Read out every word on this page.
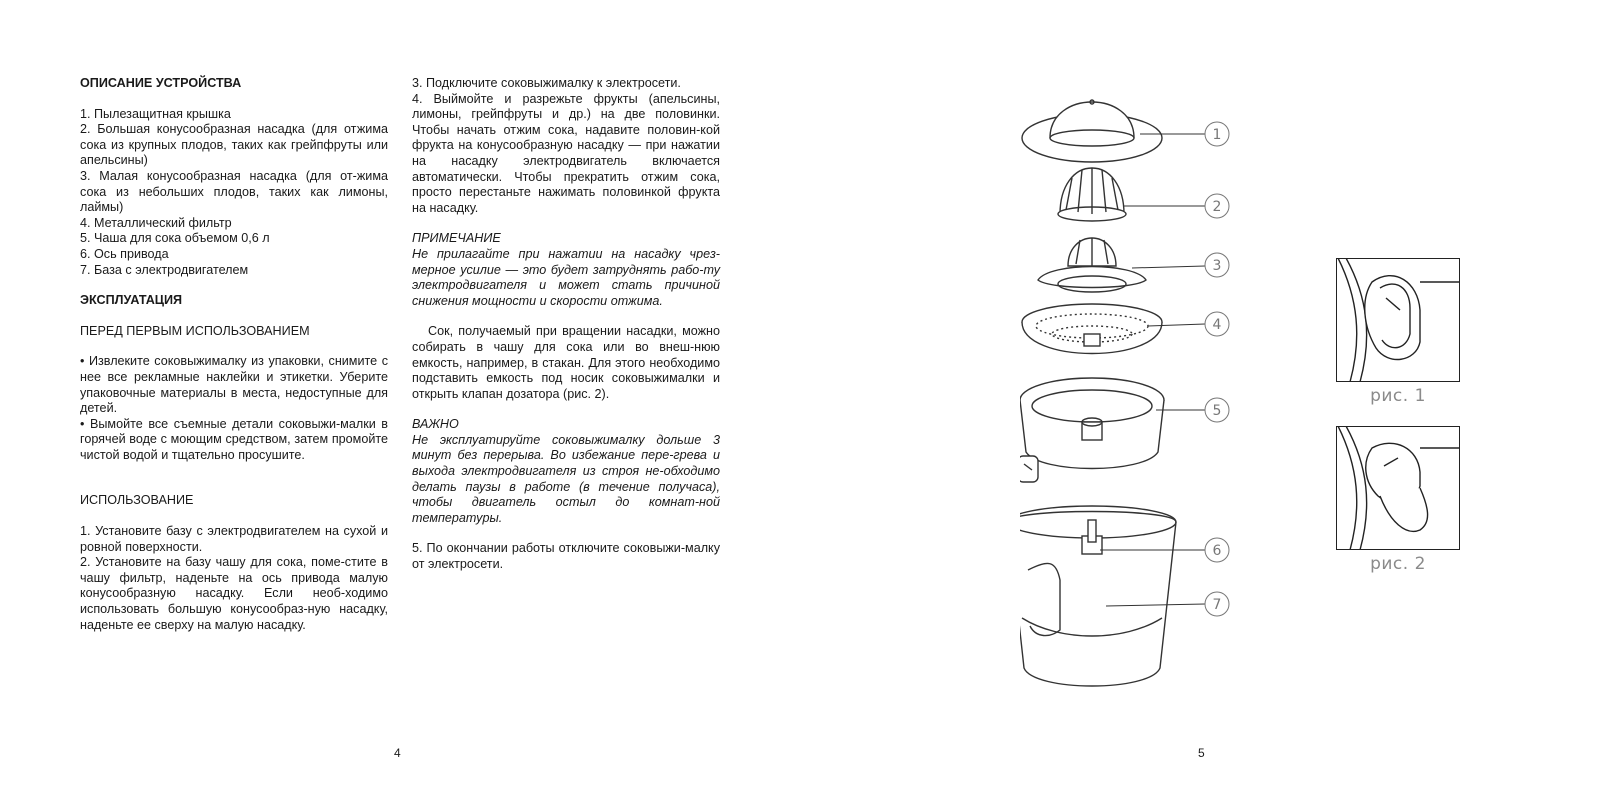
ОПИСАНИЕ УСТРОЙСТВА
1. Пылезащитная крышка
2. Большая конусообразная насадка (для отжима сока из крупных плодов, таких как грейпфруты или апельсины)
3. Малая конусообразная насадка (для от-жима сока из небольших плодов, таких как лимоны, лаймы)
4. Металлический фильтр
5. Чаша для сока объемом 0,6 л
6. Ось привода
7. База с электродвигателем
ЭКСПЛУАТАЦИЯ
ПЕРЕД ПЕРВЫМ ИСПОЛЬЗОВАНИЕМ

• Извлеките соковыжималку из упаковки, снимите с нее все рекламные наклейки и этикетки. Уберите упаковочные материалы в места, недоступные для детей.

• Вымойте все съемные детали соковыжи-малки в горячей воде с моющим средством, затем промойте чистой водой и тщательно просушите.

ИСПОЛЬЗОВАНИЕ

1. Установите базу с электродвигателем на сухой и ровной поверхности.

2. Установите на базу чашу для сока, поме-стите в чашу фильтр, наденьте на ось привода малую конусообразную насадку. Если необ-ходимо использовать большую конусообраз-ную насадку, наденьте ее сверху на малую насадку.

3. Подключите соковыжималку к электросети.

4. Выймойте и разрежьте фрукты (апельсины, лимоны, грейпфруты и др.) на две половинки. Чтобы начать отжим сока, надавите половин-кой фрукта на конусообразную насадку — при нажатии на насадку электродвигатель включается автоматически. Чтобы прекратить отжим сока, просто перестаньте нажимать половинкой фрукта на насадку.

ПРИМЕЧАНИЕ

Не прилагайте при нажатии на насадку чрез-мерное усилие — это будет затруднять рабо-ту электродвигателя и может стать причиной снижения мощности и скорости отжима.

Сок, получаемый при вращении насадки, можно собирать в чашу для сока или во внеш-нюю емкость, например, в стакан. Для этого необходимо подставить емкость под носик соковыжималки и открыть клапан дозатора (рис. 2).

ВАЖНО

Не эксплуатируйте соковыжималку дольше 3 минут без перерыва. Во избежание пере-грева и выхода электродвигателя из строя не-обходимо делать паузы в работе (в течение получаса), чтобы двигатель остыл до комнат-ной температуры.

5. По окончании работы отключите соковыжи-малку от электросети.

4	5
1
2
3
4
5
6
7
рис. 1
рис. 2
